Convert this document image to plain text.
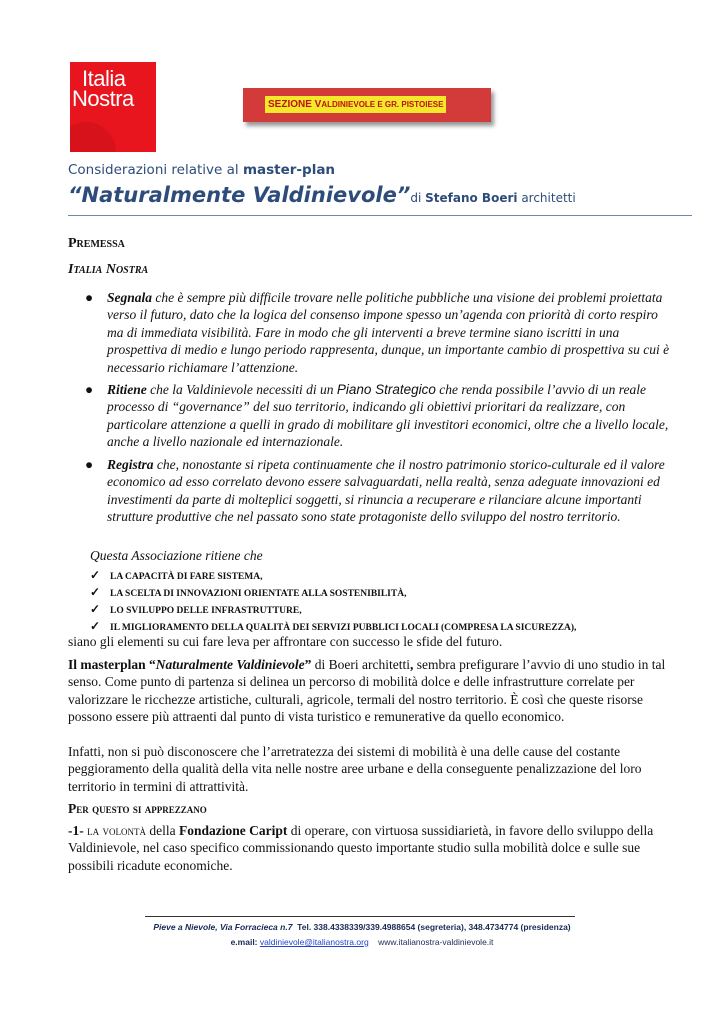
Italia
Nostra	SEZIONE VALDINIEVOLE E GR. PISTOIESE
Considerazioni relative al master-plan
“Naturalmente Valdinievole”di Stefano Boeri architetti
Premessa
Italia Nostra
● Segnala che è sempre più difficile trovare nelle politiche pubbliche una visione dei problemi proiettata verso il futuro, dato che la logica del consenso impone spesso un’agenda con priorità di corto respiro ma di immediata visibilità. Fare in modo che gli interventi a breve termine siano iscritti in una prospettiva di medio e lungo periodo rappresenta, dunque, un importante cambio di prospettiva su cui è necessario richiamare l’attenzione.
● Ritiene che la Valdinievole necessiti di un Piano Strategico che renda possibile l’avvio di un reale processo di “governance” del suo territorio, indicando gli obiettivi prioritari da realizzare, con particolare attenzione a quelli in grado di mobilitare gli investitori economici, oltre che a livello locale, anche a livello nazionale ed internazionale.
● Registra che, nonostante si ripeta continuamente che il nostro patrimonio storico-culturale ed il valore economico ad esso correlato devono essere salvaguardati, nella realtà, senza adeguate innovazioni ed investimenti da parte di molteplici soggetti, si rinuncia a recuperare e rilanciare alcune importanti strutture produttive che nel passato sono state protagoniste dello sviluppo del nostro territorio.
Questa Associazione ritiene che
✓ LA CAPACITÀ DI FARE SISTEMA,
✓ LA SCELTA DI INNOVAZIONI ORIENTATE ALLA SOSTENIBILITÀ,
✓ LO SVILUPPO DELLE INFRASTRUTTURE,
✓ IL MIGLIORAMENTO DELLA QUALITÀ DEI SERVIZI PUBBLICI LOCALI (COMPRESA LA SICUREZZA),
siano gli elementi su cui fare leva per affrontare con successo le sfide del futuro.
Il masterplan “Naturalmente Valdinievole” di Boeri architetti, sembra prefigurare l’avvio di uno studio in tal senso. Come punto di partenza si delinea un percorso di mobilità dolce e delle infrastrutture correlate per valorizzare le ricchezze artistiche, culturali, agricole, termali del nostro territorio. È così che queste risorse possono essere più attraenti dal punto di vista turistico e remunerative da quello economico.
Infatti, non si può disconoscere che l’arretratezza dei sistemi di mobilità è una delle cause del costante peggioramento della qualità della vita nelle nostre aree urbane e della conseguente penalizzazione del loro territorio in termini di attrattività.
Per questo si apprezzano
-1- la volontà della Fondazione Caript di operare, con virtuosa sussidiarietà, in favore dello sviluppo della Valdinievole, nel caso specifico commissionando questo importante studio sulla mobilità dolce e sulle sue possibili ricadute economiche.
Pieve a Nievole, Via Forracieca n.7 Tel. 338.4338339/339.4988654 (segreteria), 348.4734774 (presidenza)
e.mail: valdinievole@italianostra.org www.italianostra-valdinievole.it
